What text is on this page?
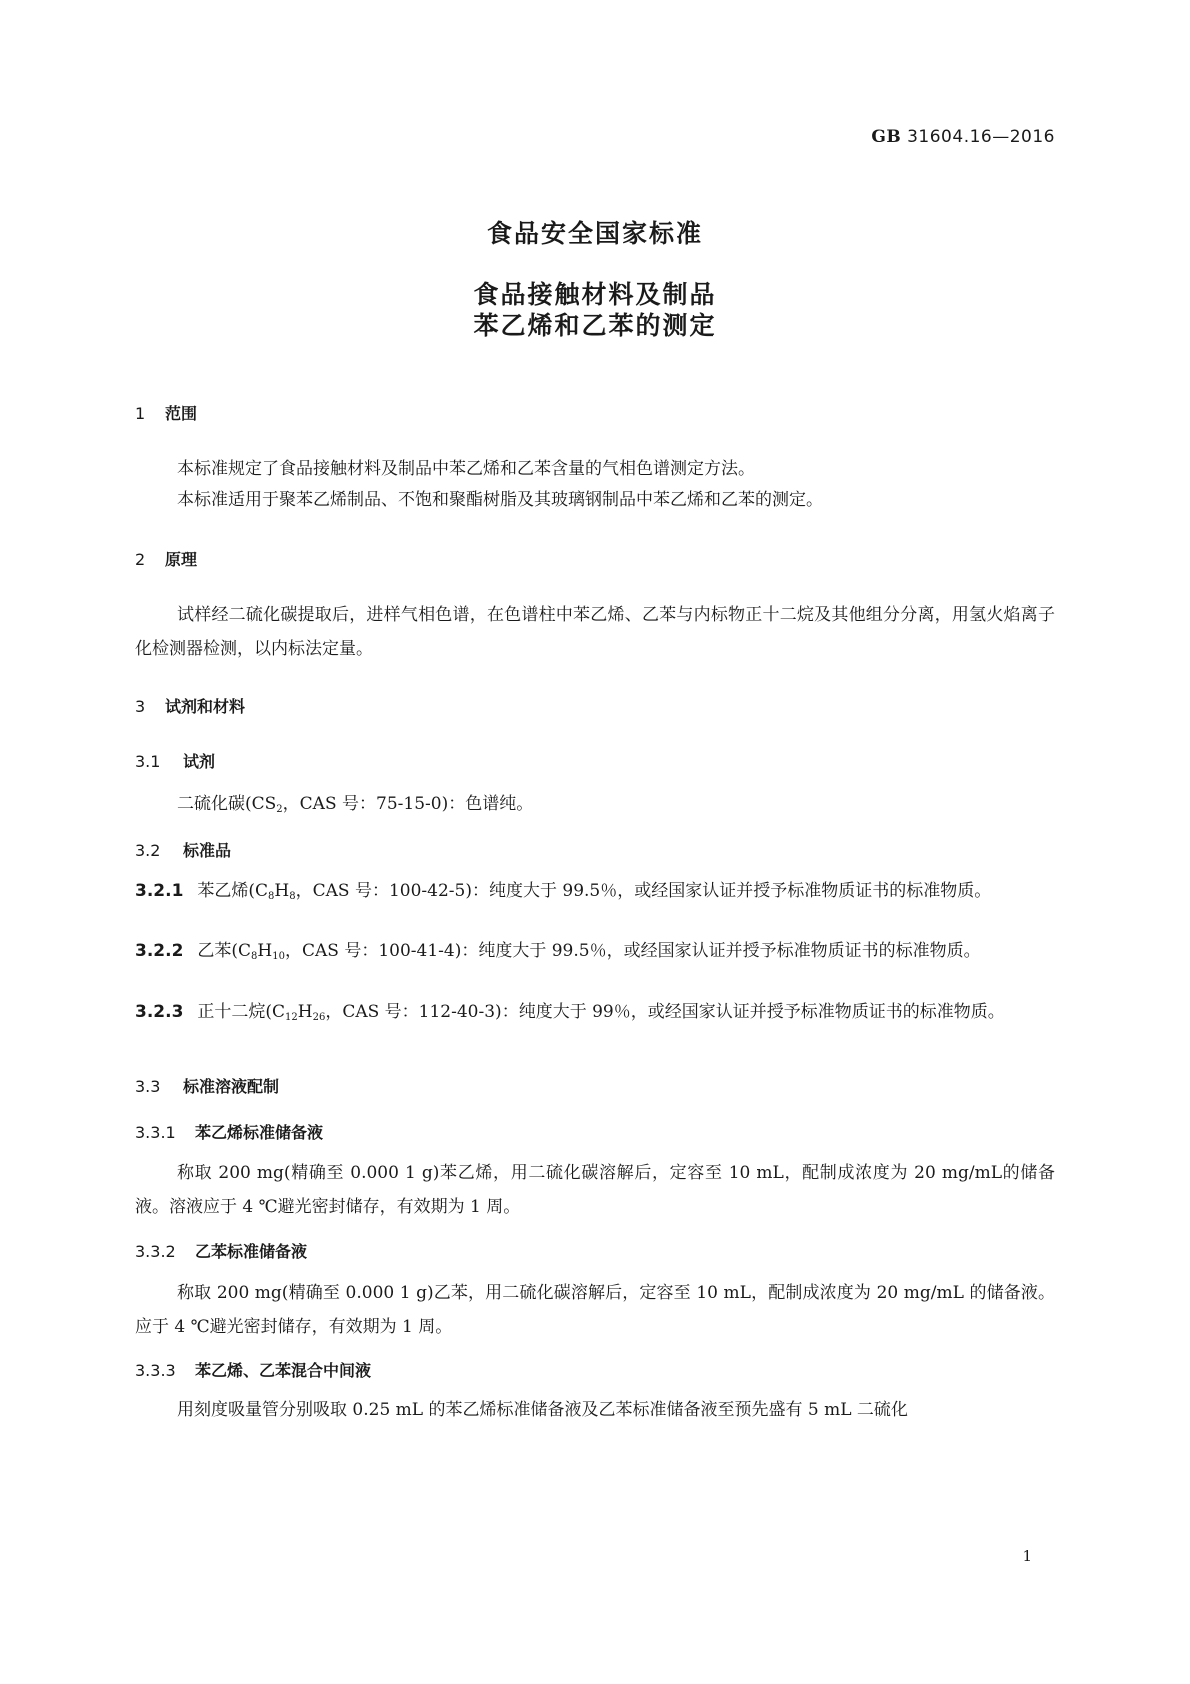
GB 31604.16—2016
食品安全国家标准
食品接触材料及制品
苯乙烯和乙苯的测定
1 范围
本标准规定了食品接触材料及制品中苯乙烯和乙苯含量的气相色谱测定方法。
本标准适用于聚苯乙烯制品、不饱和聚酯树脂及其玻璃钢制品中苯乙烯和乙苯的测定。
2 原理
试样经二硫化碳提取后，进样气相色谱，在色谱柱中苯乙烯、乙苯与内标物正十二烷及其他组分分离，用氢火焰离子化检测器检测，以内标法定量。
3 试剂和材料
3.1 试剂
二硫化碳($CS_2$，CAS 号：75-15-0)：色谱纯。
3.2 标准品
3.2.1 苯乙烯($C_8H_8$，CAS 号：100-42-5)：纯度大于 99.5％，或经国家认证并授予标准物质证书的标准物质。
3.2.2 乙苯($C_8H_{10}$，CAS 号：100-41-4)：纯度大于 99.5％，或经国家认证并授予标准物质证书的标准物质。
3.2.3 正十二烷($C_{12}H_{26}$，CAS 号：112-40-3)：纯度大于 99％，或经国家认证并授予标准物质证书的标准物质。
3.3 标准溶液配制
3.3.1 苯乙烯标准储备液
称取 200 mg(精确至 0.000 1 g)苯乙烯，用二硫化碳溶解后，定容至 10 mL，配制成浓度为 20 mg/mL的储备液。溶液应于 4 ℃避光密封储存，有效期为 1 周。
3.3.2 乙苯标准储备液
称取 200 mg(精确至 0.000 1 g)乙苯，用二硫化碳溶解后，定容至 10 mL，配制成浓度为 20 mg/mL 的储备液。应于 4 ℃避光密封储存，有效期为 1 周。
3.3.3 苯乙烯、乙苯混合中间液
用刻度吸量管分别吸取 0.25 mL 的苯乙烯标准储备液及乙苯标准储备液至预先盛有 5 mL 二硫化
1
